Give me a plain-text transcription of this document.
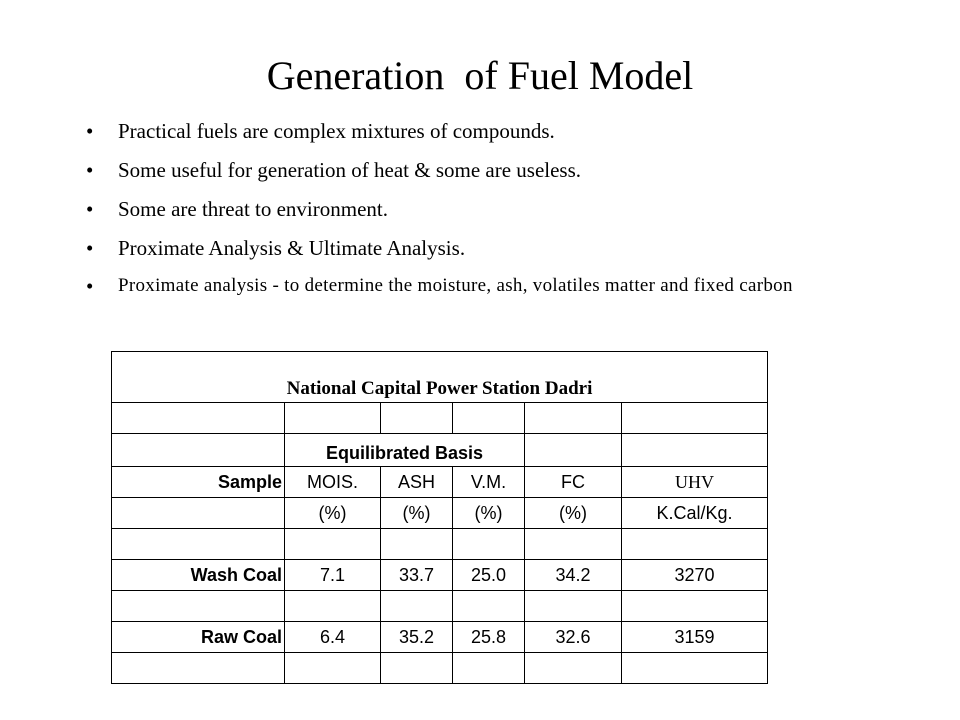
Generation  of Fuel Model
• Practical fuels are complex mixtures of compounds.
• Some useful for generation of heat & some are useless.
• Some are threat to environment.
• Proximate Analysis & Ultimate Analysis.
• Proximate analysis - to determine the moisture, ash, volatiles matter and fixed carbon
National Capital Power Station Dadri					

	Equilibrated Basis				
Sample	MOIS.	ASH	V.M.	FC	UHV
	(%)	(%)	(%)	(%)	K.Cal/Kg.

Wash Coal	7.1	33.7	25.0	34.2	3270

Raw Coal	6.4	35.2	25.8	32.6	3159
